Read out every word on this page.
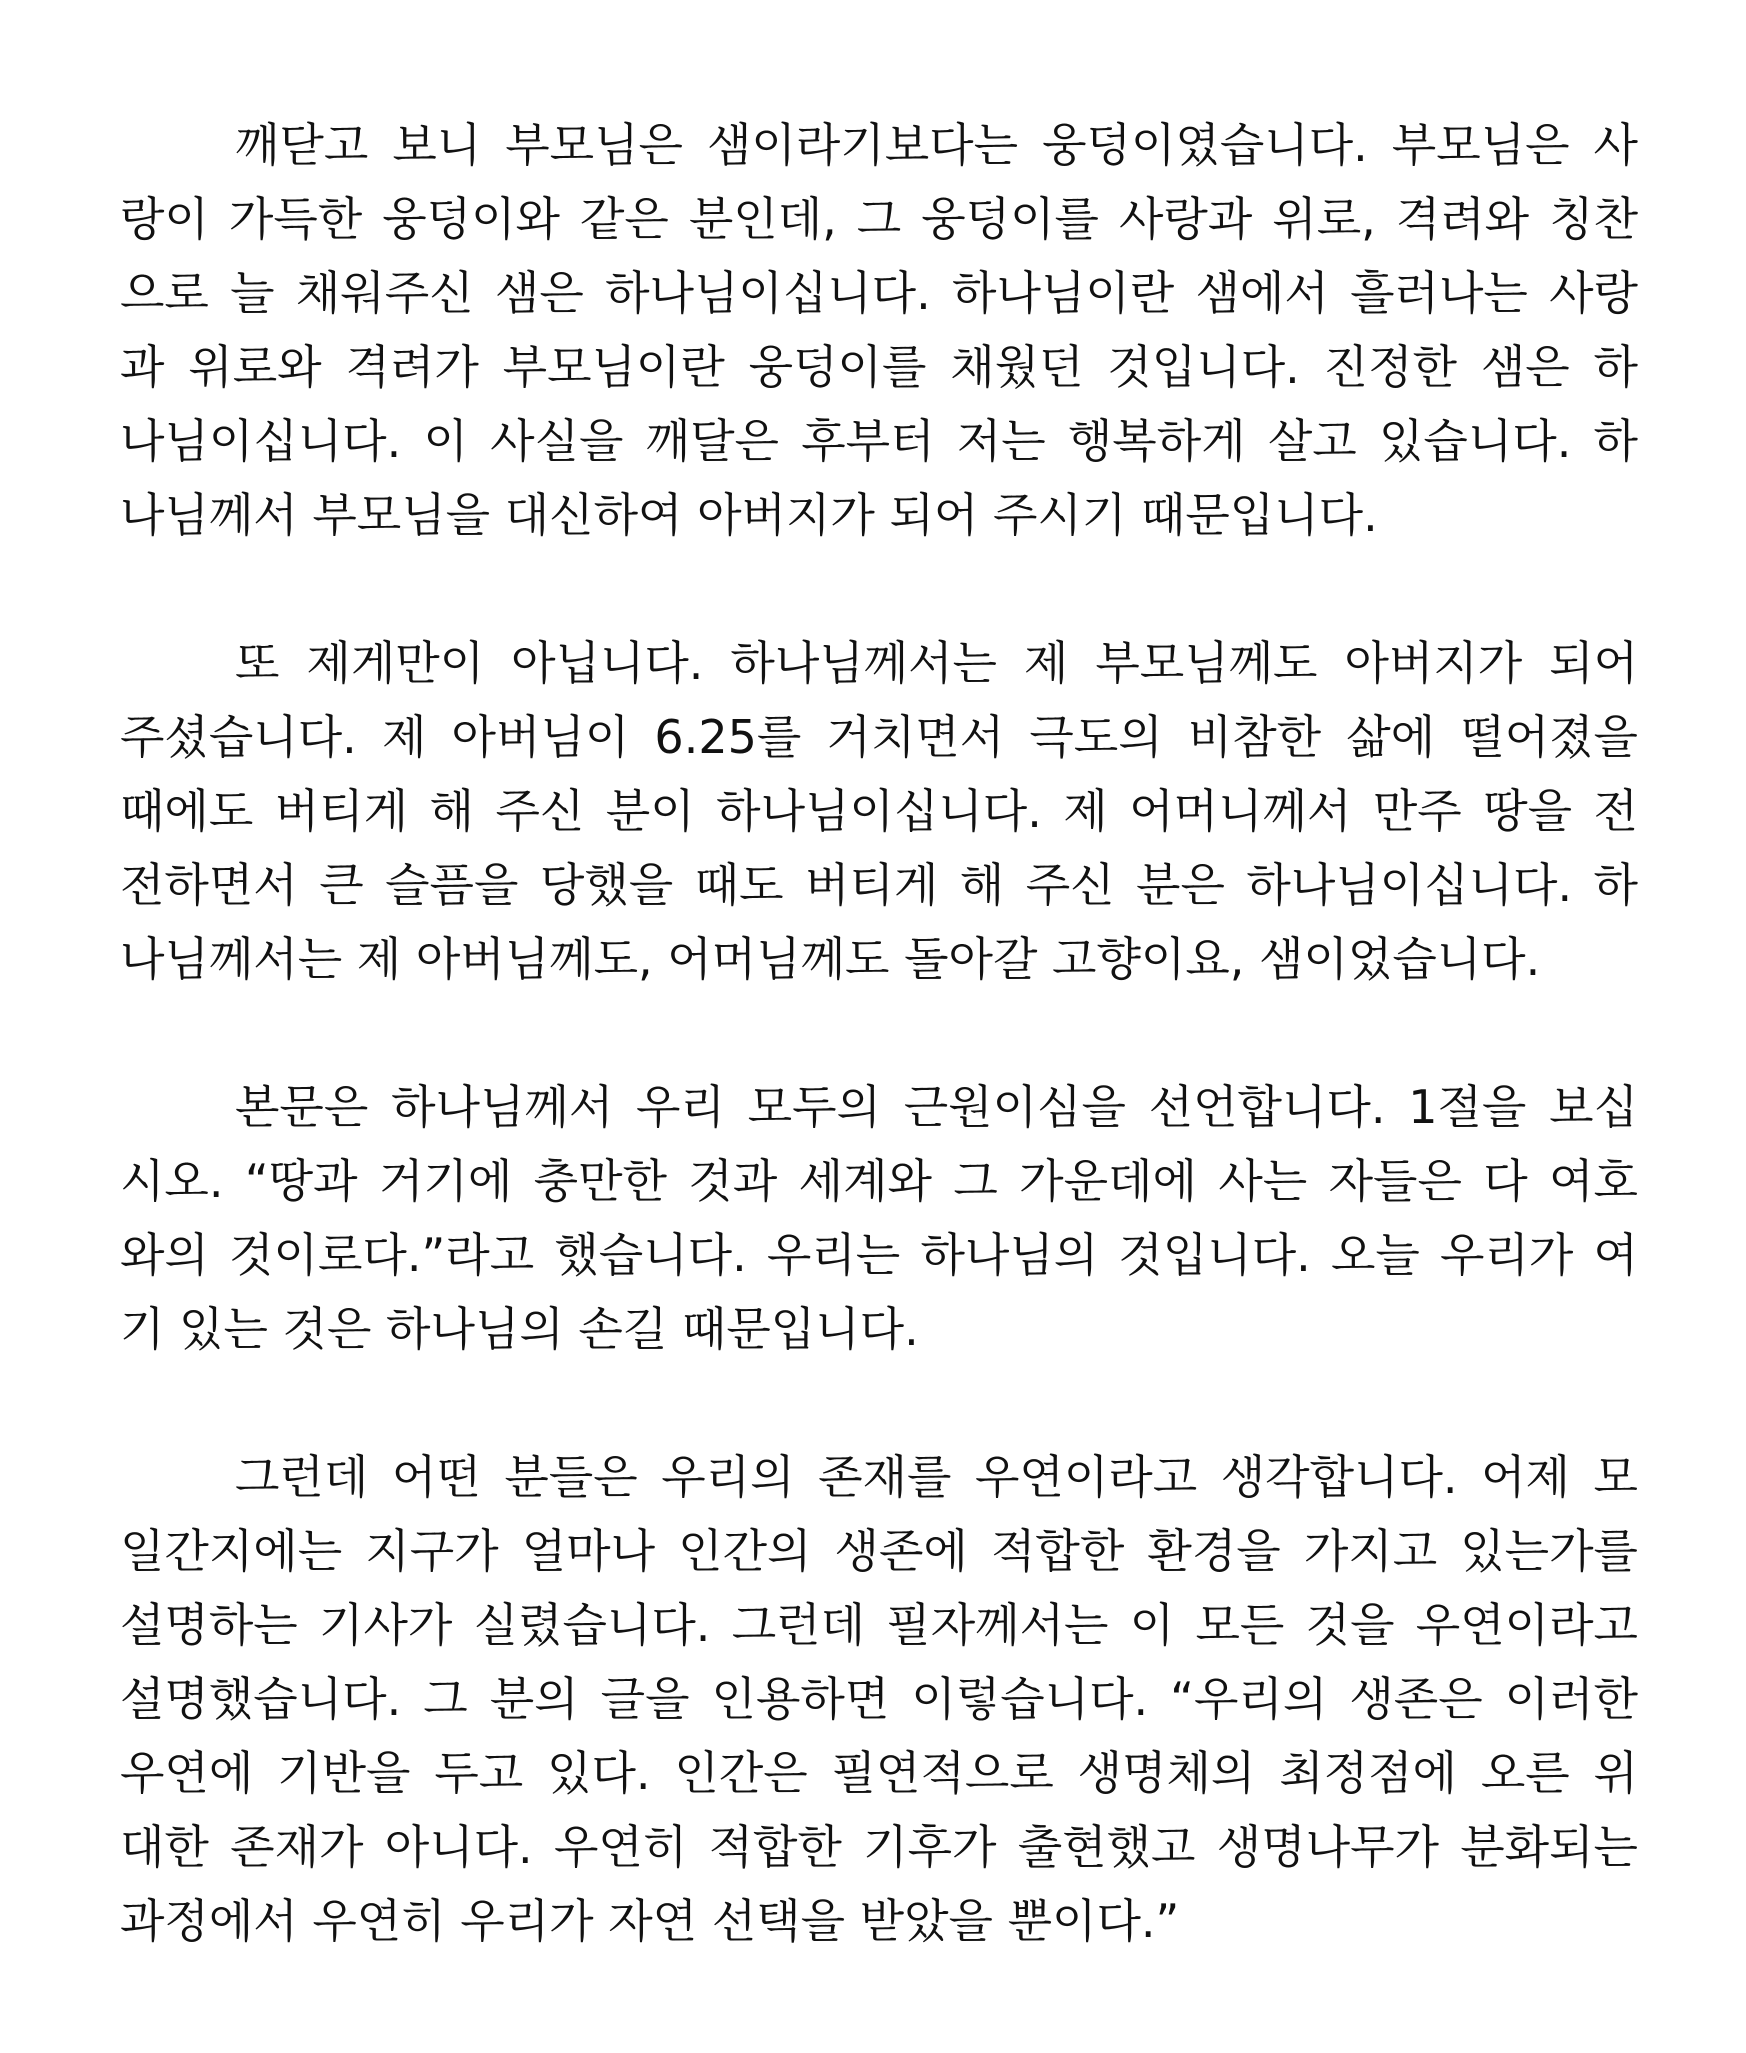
깨닫고 보니 부모님은 샘이라기보다는 웅덩이였습니다. 부모님은 사
랑이 가득한 웅덩이와 같은 분인데, 그 웅덩이를 사랑과 위로, 격려와 칭찬
으로 늘 채워주신 샘은 하나님이십니다. 하나님이란 샘에서 흘러나는 사랑
과 위로와 격려가 부모님이란 웅덩이를 채웠던 것입니다. 진정한 샘은 하
나님이십니다. 이 사실을 깨달은 후부터 저는 행복하게 살고 있습니다. 하
나님께서 부모님을 대신하여 아버지가 되어 주시기 때문입니다.
또 제게만이 아닙니다. 하나님께서는 제 부모님께도 아버지가 되어
주셨습니다. 제 아버님이 6.25를 거치면서 극도의 비참한 삶에 떨어졌을
때에도 버티게 해 주신 분이 하나님이십니다. 제 어머니께서 만주 땅을 전
전하면서 큰 슬픔을 당했을 때도 버티게 해 주신 분은 하나님이십니다. 하
나님께서는 제 아버님께도, 어머님께도 돌아갈 고향이요, 샘이었습니다.
본문은 하나님께서 우리 모두의 근원이심을 선언합니다. 1절을 보십
시오. “땅과 거기에 충만한 것과 세계와 그 가운데에 사는 자들은 다 여호
와의 것이로다.”라고 했습니다. 우리는 하나님의 것입니다. 오늘 우리가 여
기 있는 것은 하나님의 손길 때문입니다.
그런데 어떤 분들은 우리의 존재를 우연이라고 생각합니다. 어제 모
일간지에는 지구가 얼마나 인간의 생존에 적합한 환경을 가지고 있는가를
설명하는 기사가 실렸습니다. 그런데 필자께서는 이 모든 것을 우연이라고
설명했습니다. 그 분의 글을 인용하면 이렇습니다. “우리의 생존은 이러한
우연에 기반을 두고 있다. 인간은 필연적으로 생명체의 최정점에 오른 위
대한 존재가 아니다. 우연히 적합한 기후가 출현했고 생명나무가 분화되는
과정에서 우연히 우리가 자연 선택을 받았을 뿐이다.”
